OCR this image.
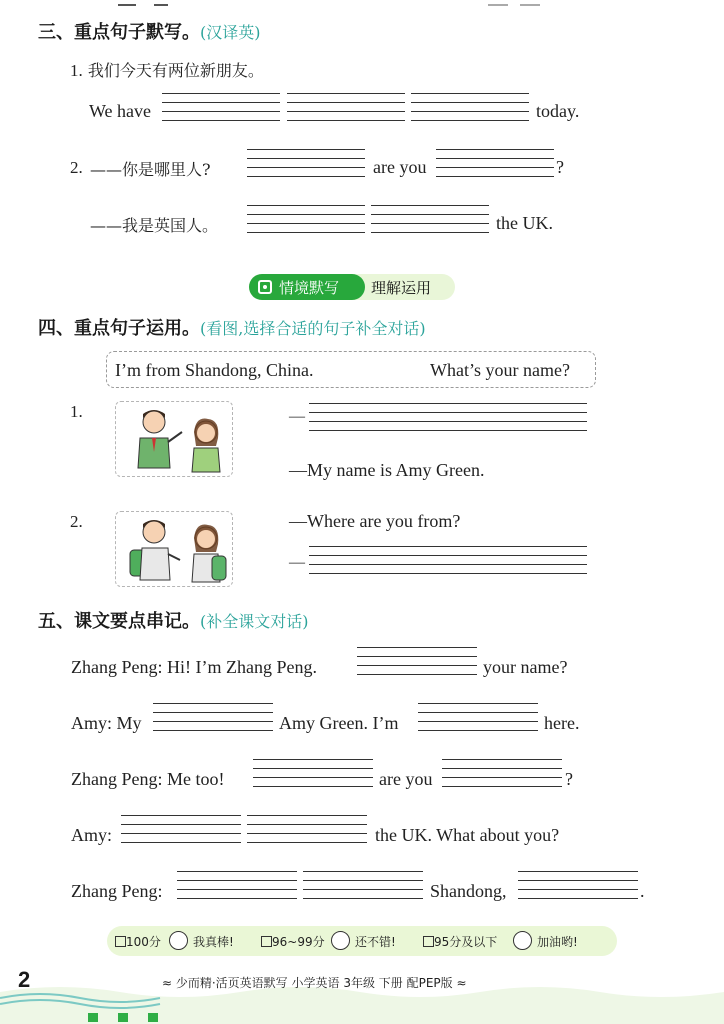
三、重点句子默写。(汉译英)
1. 我们今天有两位新朋友。
We have	today.
2. ——你是哪里人?	are you	?
——我是英国人。	the UK.
情境默写 理解运用
四、重点句子运用。(看图,选择合适的句子补全对话)
I’m from Shandong, China.	What’s your name?
1.	—
—My name is Amy Green.
2.	—Where are you from?
—
五、课文要点串记。(补全课文对话)
Zhang Peng: Hi! I’m Zhang Peng.	your name?
Amy: My	Amy Green. I’m	here.
Zhang Peng: Me too!	are you	?
Amy:	the UK. What about you?
Zhang Peng:	Shandong,	.
100分	我真棒!	96~99分	还不错!	95分及以下	加油哟!
2	≈ 少而精·活页英语默写 小学英语 3年级 下册 配PEP版 ≈
